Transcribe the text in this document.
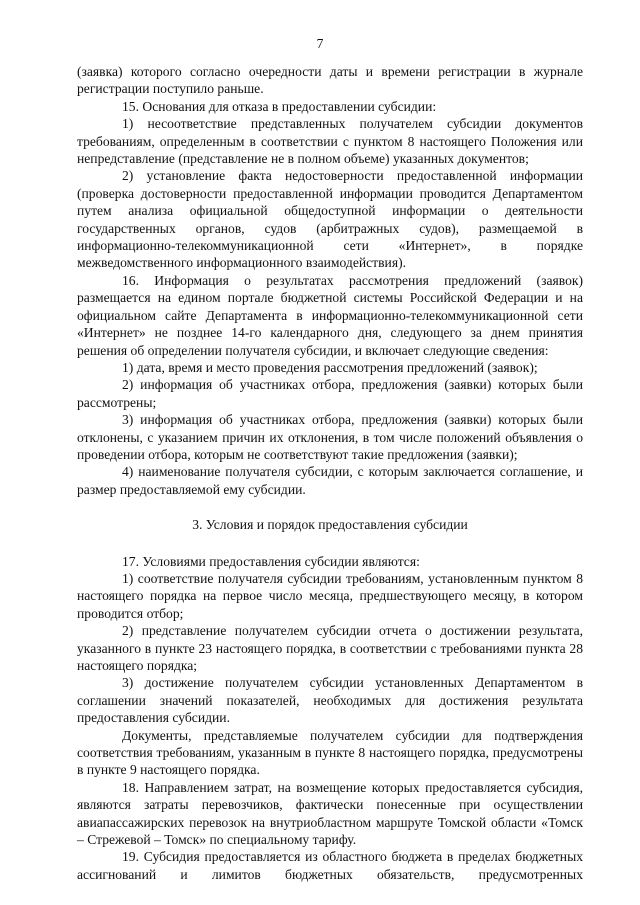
7

(заявка) которого согласно очередности даты и времени регистрации в журнале регистрации поступило раньше.

15. Основания для отказа в предоставлении субсидии:

1) несоответствие представленных получателем субсидии документов требованиям, определенным в соответствии с пунктом 8 настоящего Положения или непредставление (представление не в полном объеме) указанных документов;

2) установление факта недостоверности предоставленной информации (проверка достоверности предоставленной информации проводится Департаментом путем анализа официальной общедоступной информации о деятельности государственных органов, судов (арбитражных судов), размещаемой в информационно-телекоммуникационной сети «Интернет», в порядке межведомственного информационного взаимодействия).

16. Информация о результатах рассмотрения предложений (заявок) размещается на едином портале бюджетной системы Российской Федерации и на официальном сайте Департамента в информационно-телекоммуникационной сети «Интернет» не позднее 14-го календарного дня, следующего за днем принятия решения об определении получателя субсидии, и включает следующие сведения:

1) дата, время и место проведения рассмотрения предложений (заявок);

2) информация об участниках отбора, предложения (заявки) которых были рассмотрены;

3) информация об участниках отбора, предложения (заявки) которых были отклонены, с указанием причин их отклонения, в том числе положений объявления о проведении отбора, которым не соответствуют такие предложения (заявки);

4) наименование получателя субсидии, с которым заключается соглашение, и размер предоставляемой ему субсидии.

3. Условия и порядок предоставления субсидии

17. Условиями предоставления субсидии являются:

1) соответствие получателя субсидии требованиям, установленным пунктом 8 настоящего порядка на первое число месяца, предшествующего месяцу, в котором проводится отбор;

2) представление получателем субсидии отчета о достижении результата, указанного в пункте 23 настоящего порядка, в соответствии с требованиями пункта 28 настоящего порядка;

3) достижение получателем субсидии установленных Департаментом в соглашении значений показателей, необходимых для достижения результата предоставления субсидии.

Документы, представляемые получателем субсидии для подтверждения соответствия требованиям, указанным в пункте 8 настоящего порядка, предусмотрены в пункте 9 настоящего порядка.

18. Направлением затрат, на возмещение которых предоставляется субсидия, являются затраты перевозчиков, фактически понесенные при осуществлении авиапассажирских перевозок на внутриобластном маршруте Томской области «Томск – Стрежевой – Томск» по специальному тарифу.

19. Субсидия предоставляется из областного бюджета в пределах бюджетных ассигнований и лимитов бюджетных обязательств, предусмотренных
